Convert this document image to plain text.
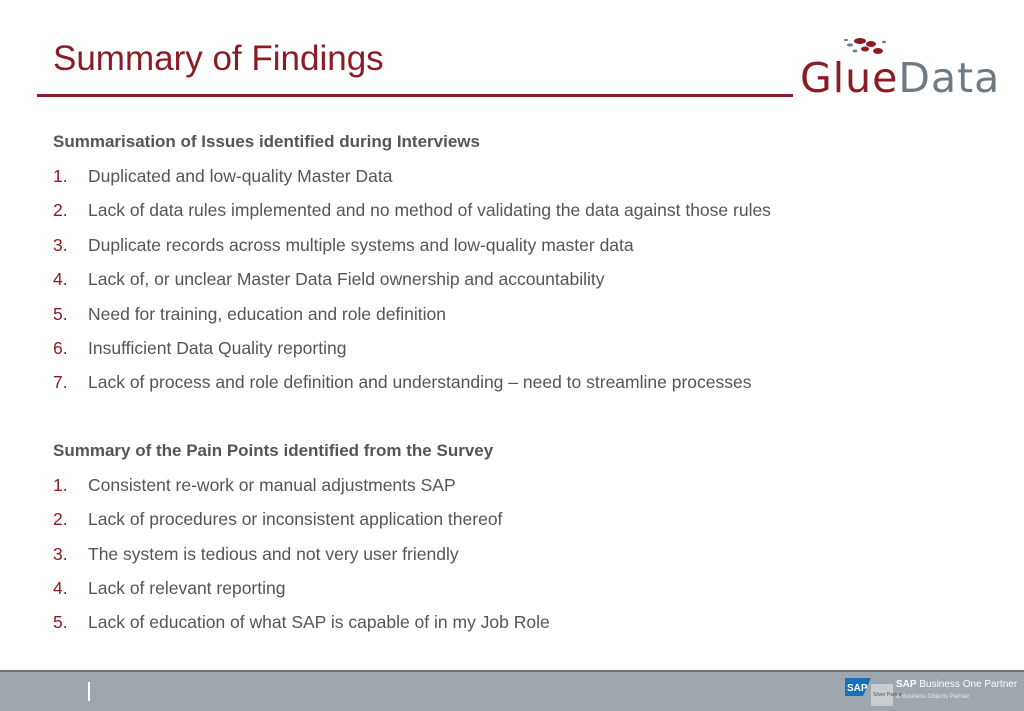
Summary of Findings	GlueData
Summarisation of Issues identified during Interviews
1. Duplicated and low-quality Master Data
2. Lack of data rules implemented and no method of validating the data against those rules
3. Duplicate records across multiple systems and low-quality master data
4. Lack of, or unclear Master Data Field ownership and accountability
5. Need for training, education and role definition
6. Insufficient Data Quality reporting
7. Lack of process and role definition and understanding – need to streamline processes
Summary of the Pain Points identified from the Survey
1. Consistent re-work or manual adjustments SAP
2. Lack of procedures or inconsistent application thereof
3. The system is tedious and not very user friendly
4. Lack of relevant reporting
5. Lack of education of what SAP is capable of in my Job Role
SAP
Silver Partner
SAP Business One Partner
& Business Objects Partner
